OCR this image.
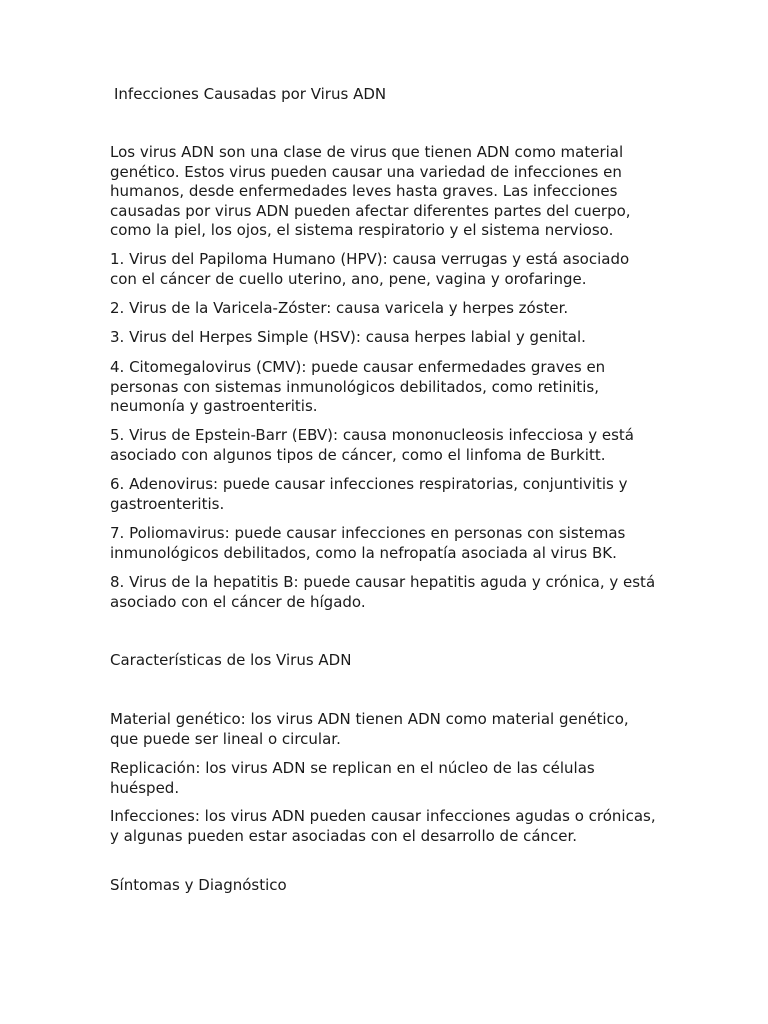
Infecciones Causadas por Virus ADN

Los virus ADN son una clase de virus que tienen ADN como material genético. Estos virus pueden causar una variedad de infecciones en humanos, desde enfermedades leves hasta graves. Las infecciones causadas por virus ADN pueden afectar diferentes partes del cuerpo, como la piel, los ojos, el sistema respiratorio y el sistema nervioso.

1. Virus del Papiloma Humano (HPV): causa verrugas y está asociado con el cáncer de cuello uterino, ano, pene, vagina y orofaringe.

2. Virus de la Varicela-Zóster: causa varicela y herpes zóster.

3. Virus del Herpes Simple (HSV): causa herpes labial y genital.

4. Citomegalovirus (CMV): puede causar enfermedades graves en personas con sistemas inmunológicos debilitados, como retinitis, neumonía y gastroenteritis.

5. Virus de Epstein-Barr (EBV): causa mononucleosis infecciosa y está asociado con algunos tipos de cáncer, como el linfoma de Burkitt.

6. Adenovirus: puede causar infecciones respiratorias, conjuntivitis y gastroenteritis.

7. Poliomavirus: puede causar infecciones en personas con sistemas inmunológicos debilitados, como la nefropatía asociada al virus BK.

8. Virus de la hepatitis B: puede causar hepatitis aguda y crónica, y está asociado con el cáncer de hígado.

Características de los Virus ADN

Material genético: los virus ADN tienen ADN como material genético, que puede ser lineal o circular.

Replicación: los virus ADN se replican en el núcleo de las células huésped.

Infecciones: los virus ADN pueden causar infecciones agudas o crónicas, y algunas pueden estar asociadas con el desarrollo de cáncer.

Síntomas y Diagnóstico
